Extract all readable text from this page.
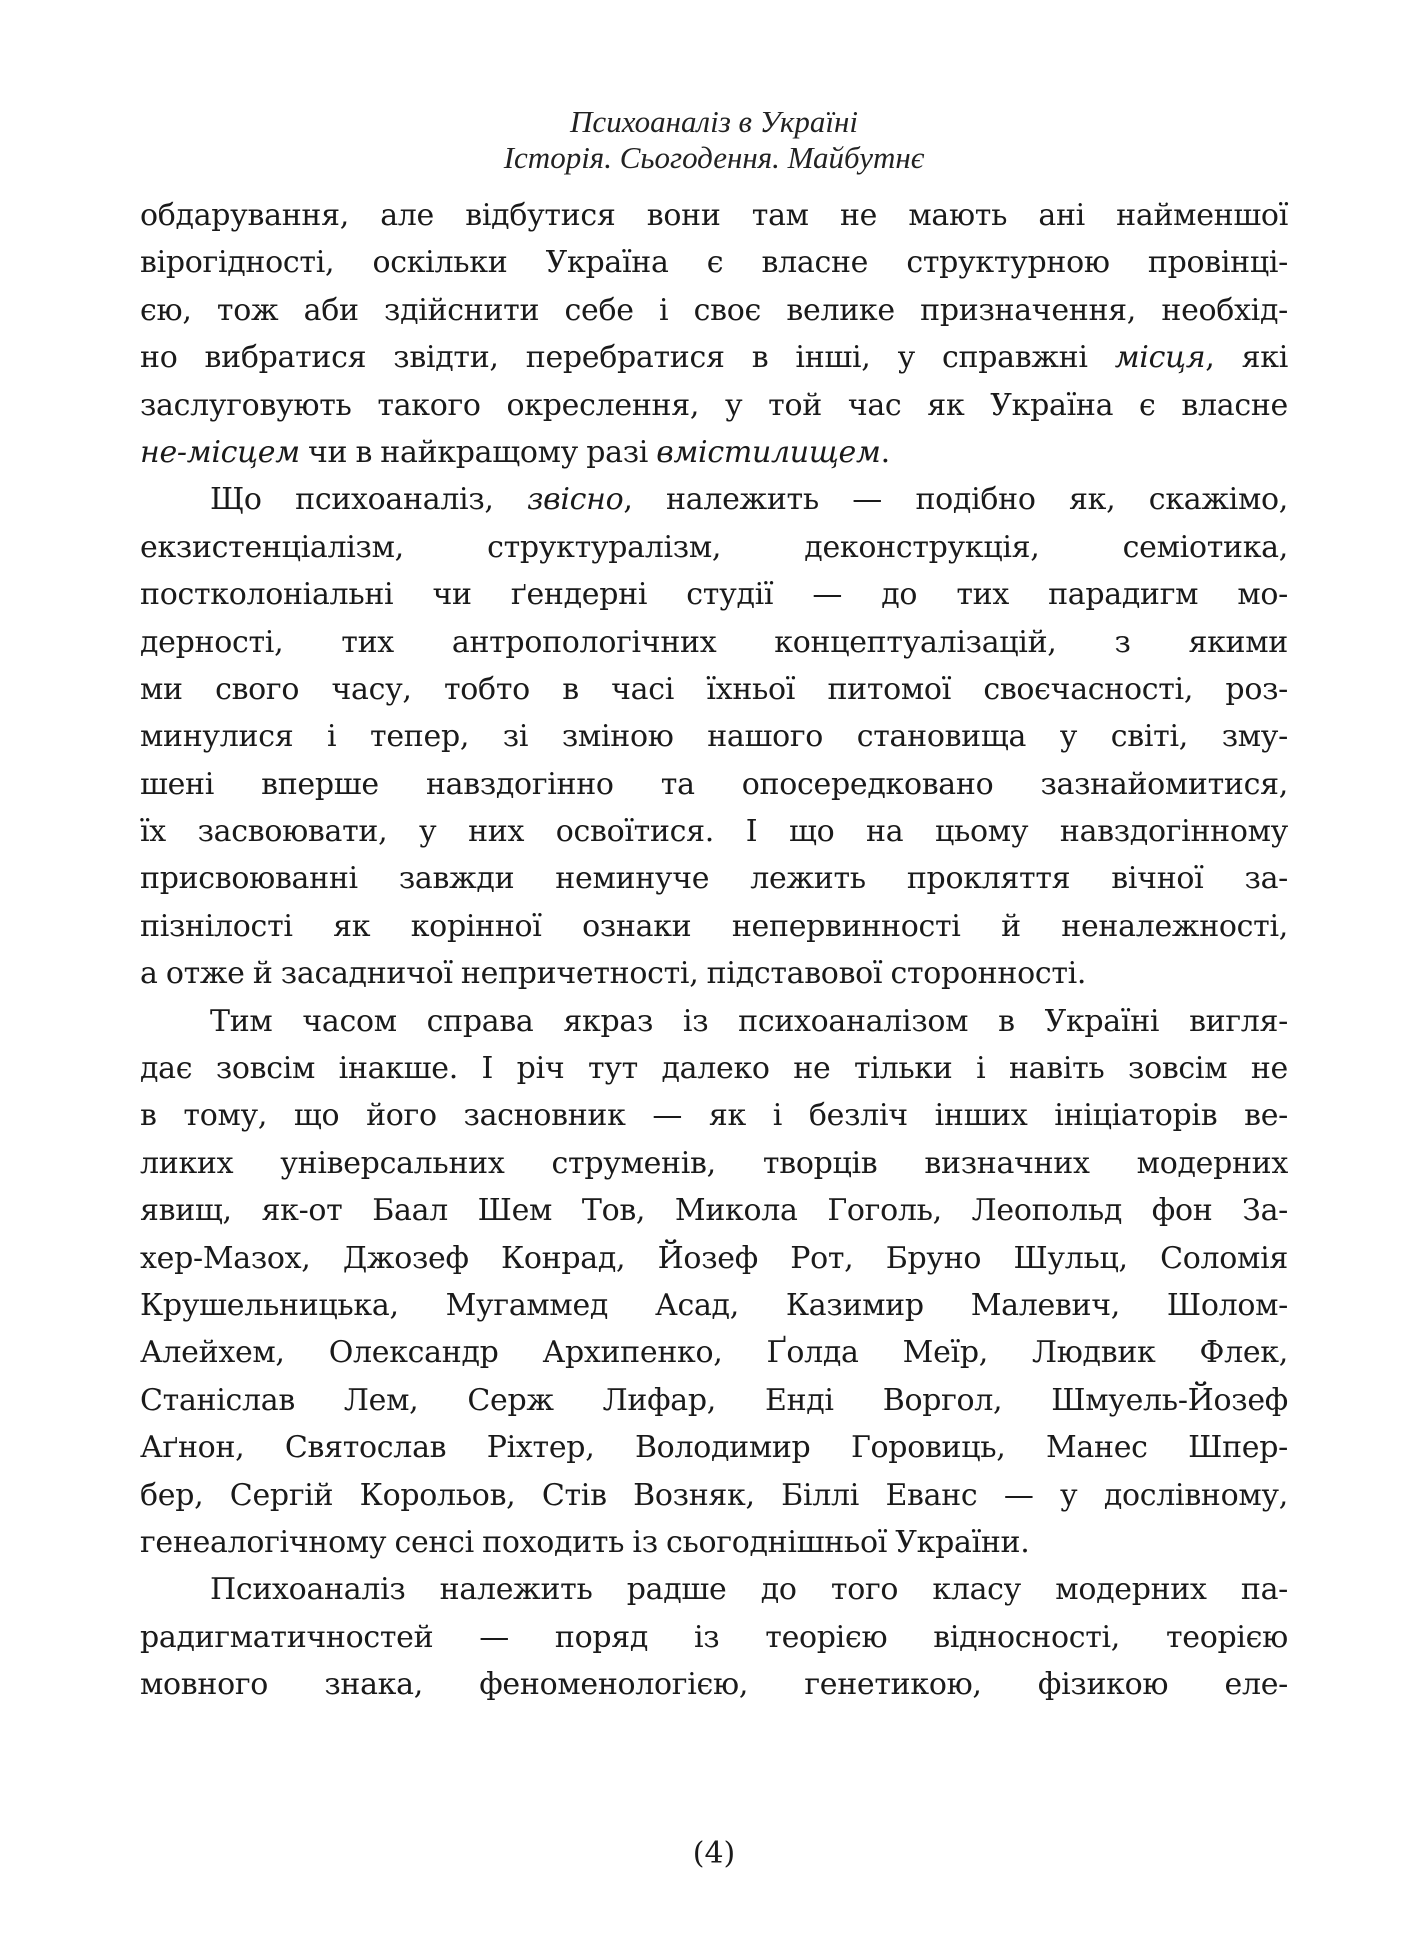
Психоаналіз в Україні
Історія. Сьогодення. Майбутнє
обдарування, але відбутися вони там не мають ані найменшої
вірогідності, оскільки Україна є власне структурною провінці-
єю, тож аби здійснити себе і своє велике призначення, необхід-
но вибратися звідти, перебратися в інші, у справжні місця, які
заслуговують такого окреслення, у той час як Україна є власне
не-місцем чи в найкращому разі вмістилищем.
Що психоаналіз, звісно, належить — подібно як, скажімо,
екзистенціалізм, структуралізм, деконструкція, семіотика,
постколоніальні чи ґендерні студії — до тих парадигм мо-
дерності, тих антропологічних концептуалізацій, з якими
ми свого часу, тобто в часі їхньої питомої своєчасності, роз-
минулися і тепер, зі зміною нашого становища у світі, зму-
шені вперше навздогінно та опосередковано зазнайомитися,
їх засвоювати, у них освоїтися. І що на цьому навздогінному
присвоюванні завжди неминуче лежить прокляття вічної за-
пізнілості як корінної ознаки непервинності й неналежності,
а отже й засадничої непричетності, підставової сторонності.
Тим часом справа якраз із психоаналізом в Україні вигля-
дає зовсім інакше. І річ тут далеко не тільки і навіть зовсім не
в тому, що його засновник — як і безліч інших ініціаторів ве-
ликих універсальних струменів, творців визначних модерних
явищ, як-от Баал Шем Тов, Микола Гоголь, Леопольд фон За-
хер-Мазох, Джозеф Конрад, Йозеф Рот, Бруно Шульц, Соломія
Крушельницька, Мугаммед Асад, Казимир Малевич, Шолом-
Алейхем, Олександр Архипенко, Ґолда Меїр, Людвик Флек,
Станіслав Лем, Серж Лифар, Енді Воргол, Шмуель-Йозеф
Аґнон, Святослав Ріхтер, Володимир Горовиць, Манес Шпер-
бер, Сергій Корольов, Стів Возняк, Біллі Еванс — у дослівному,
генеалогічному сенсі походить із сьогоднішньої України.
Психоаналіз належить радше до того класу модерних па-
радигматичностей — поряд із теорією відносності, теорією
мовного знака, феноменологією, генетикою, фізикою еле-
(4)
